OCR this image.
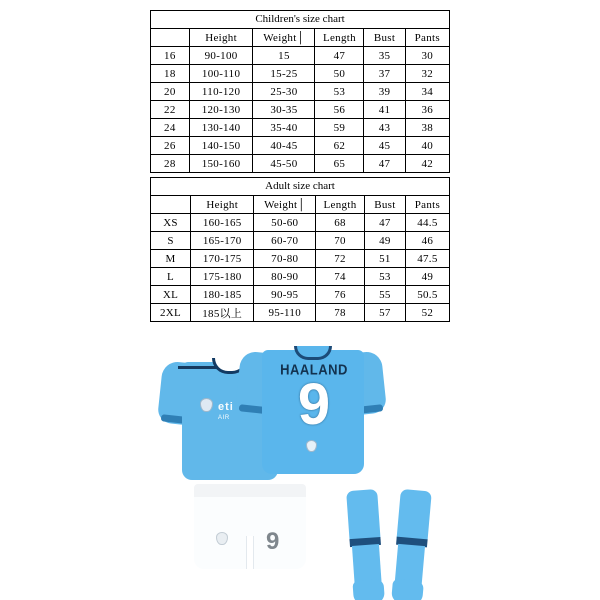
Children's size chart
	Height	Weight│	Length	Bust	Pants
16	90-100	15	47	35	30
18	100-110	15-25	50	37	32
20	110-120	25-30	53	39	34
22	120-130	30-35	56	41	36
24	130-140	35-40	59	43	38
26	140-150	40-45	62	45	40
28	150-160	45-50	65	47	42
Adult size chart
	Height	Weight│	Length	Bust	Pants
XS	160-165	50-60	68	47	44.5
S	165-170	60-70	70	49	46
M	170-175	70-80	72	51	47.5
L	175-180	80-90	74	53	49
XL	180-185	90-95	76	55	50.5
2XL	185以上	95-110	78	57	52
eti
AIR
HAALAND
9
9
